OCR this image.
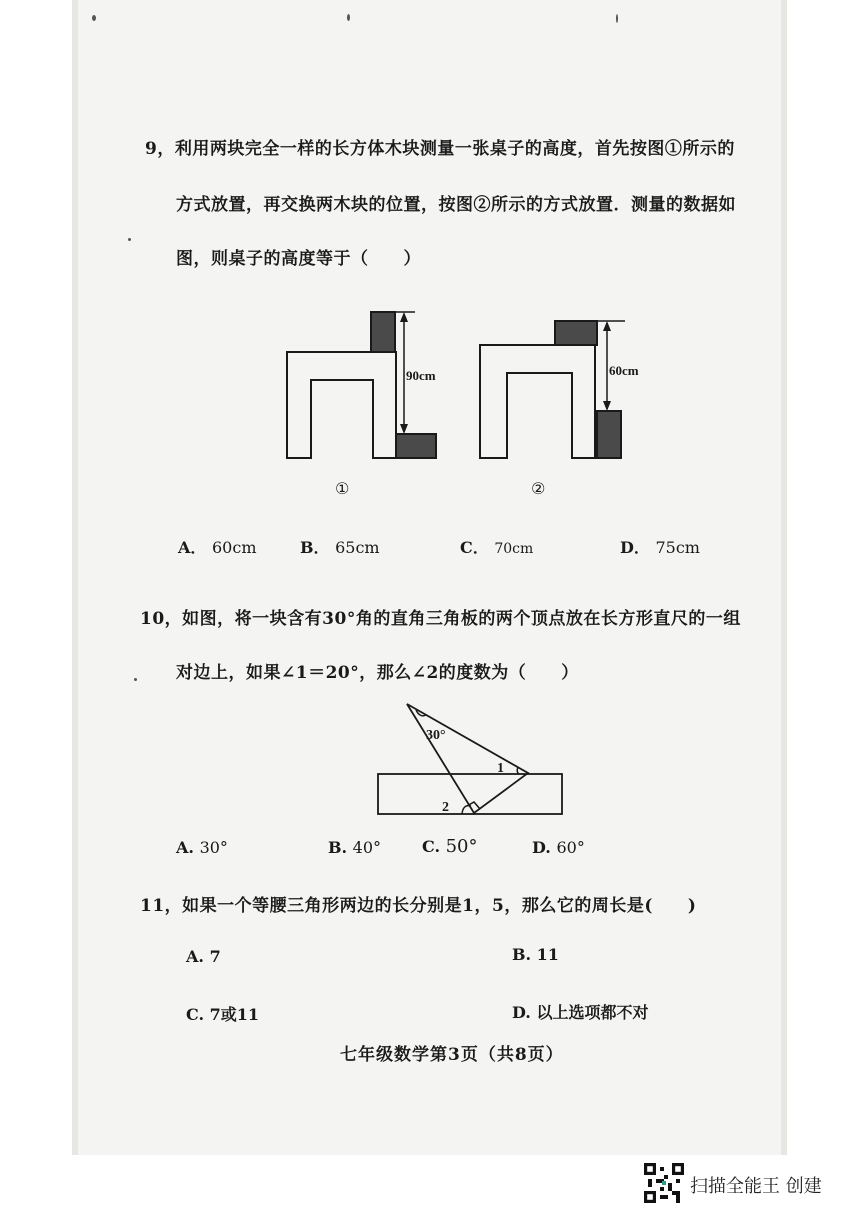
9，利用两块完全一样的长方体木块测量一张桌子的高度，首先按图①所示的
方式放置，再交换两木块的位置，按图②所示的方式放置．测量的数据如
图，则桌子的高度等于（　　）
90cm
①
60cm
②
A． 60cm	B． 65cm	C． 70cm	D． 75cm
10，如图，将一块含有30°角的直角三角板的两个顶点放在长方形直尺的一组
对边上，如果∠1＝20°，那么∠2的度数为（　　）
30°
1
2
A. 30°	B. 40°	C. 50°	D. 60°
11，如果一个等腰三角形两边的长分别是1，5，那么它的周长是(　　)
A. 7	B. 11
C. 7或11	D. 以上选项都不对
七年级数学第3页（共8页）
扫描全能王 创建
